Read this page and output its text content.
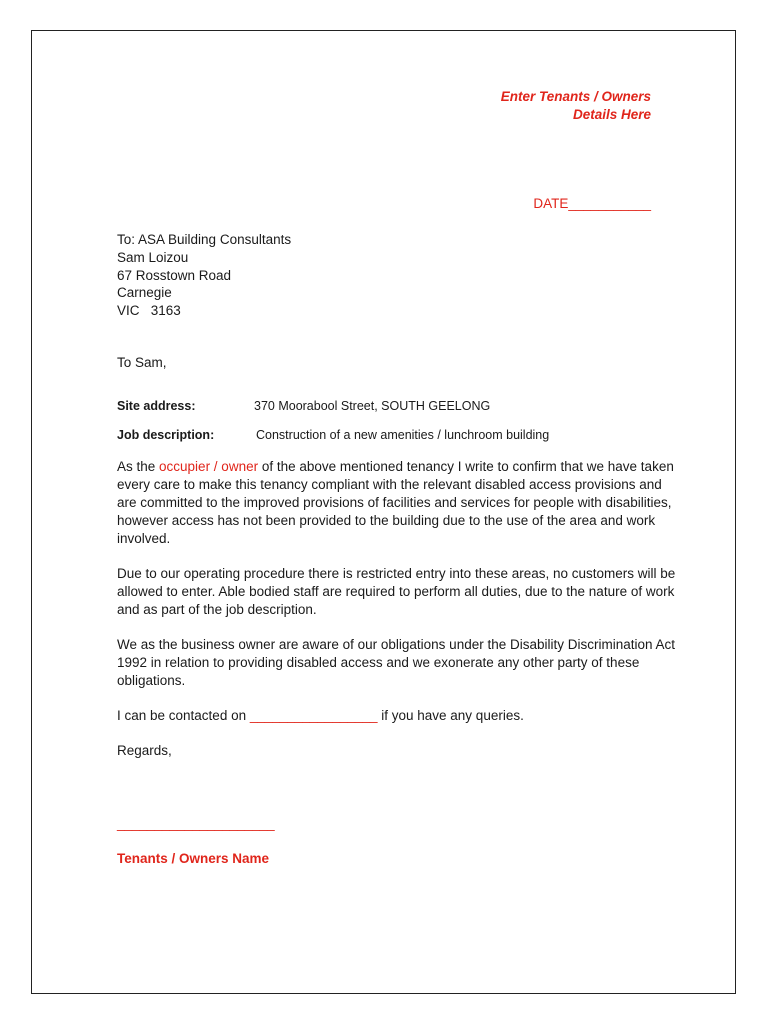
Enter Tenants / Owners
Details Here
DATE___________
To: ASA Building Consultants
Sam Loizou
67 Rosstown Road
Carnegie
VIC   3163
To Sam,
Site address:	370 Moorabool Street, SOUTH GEELONG
Job description:	Construction of a new amenities / lunchroom building
As the occupier / owner of the above mentioned tenancy I write to confirm that we have taken every care to make this tenancy compliant with the relevant disabled access provisions and are committed to the improved provisions of facilities and services for people with disabilities, however access has not been provided to the building due to the use of the area and work involved.
Due to our operating procedure there is restricted entry into these areas, no customers will be allowed to enter. Able bodied staff are required to perform all duties, due to the nature of work and as part of the job description.
We as the business owner are aware of our obligations under the Disability Discrimination Act 1992 in relation to providing disabled access and we exonerate any other party of these obligations.
I can be contacted on _________________ if you have any queries.
Regards,
_____________________
Tenants / Owners Name
